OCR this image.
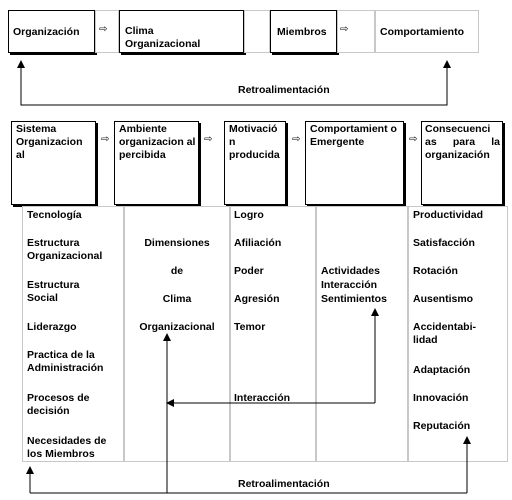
Organización ⇨ Clima Organizacional
Miembros ⇨	Comportamiento
Retroalimentación
Sistema Organizacion al
⇨
Ambiente organizacion al percibida
⇨
Motivació n producida
⇨
Comportamient o Emergente	⇨
Consecuenci as para la organización
Tecnología
Estructura Organizacional
Estructura Social
Liderazgo
Practica de la Administración
Procesos de decisión
Necesidades de los Miembros
Dimensiones
de
Clima
Organizacional
Logro
Afiliación
Poder
Agresión
Temor
Interacción
Actividades
Interacción
Sentimientos
Productividad
Satisfacción
Rotación
Ausentismo
Accidentabi-lidad
Adaptación
Innovación
Reputación
Retroalimentación
